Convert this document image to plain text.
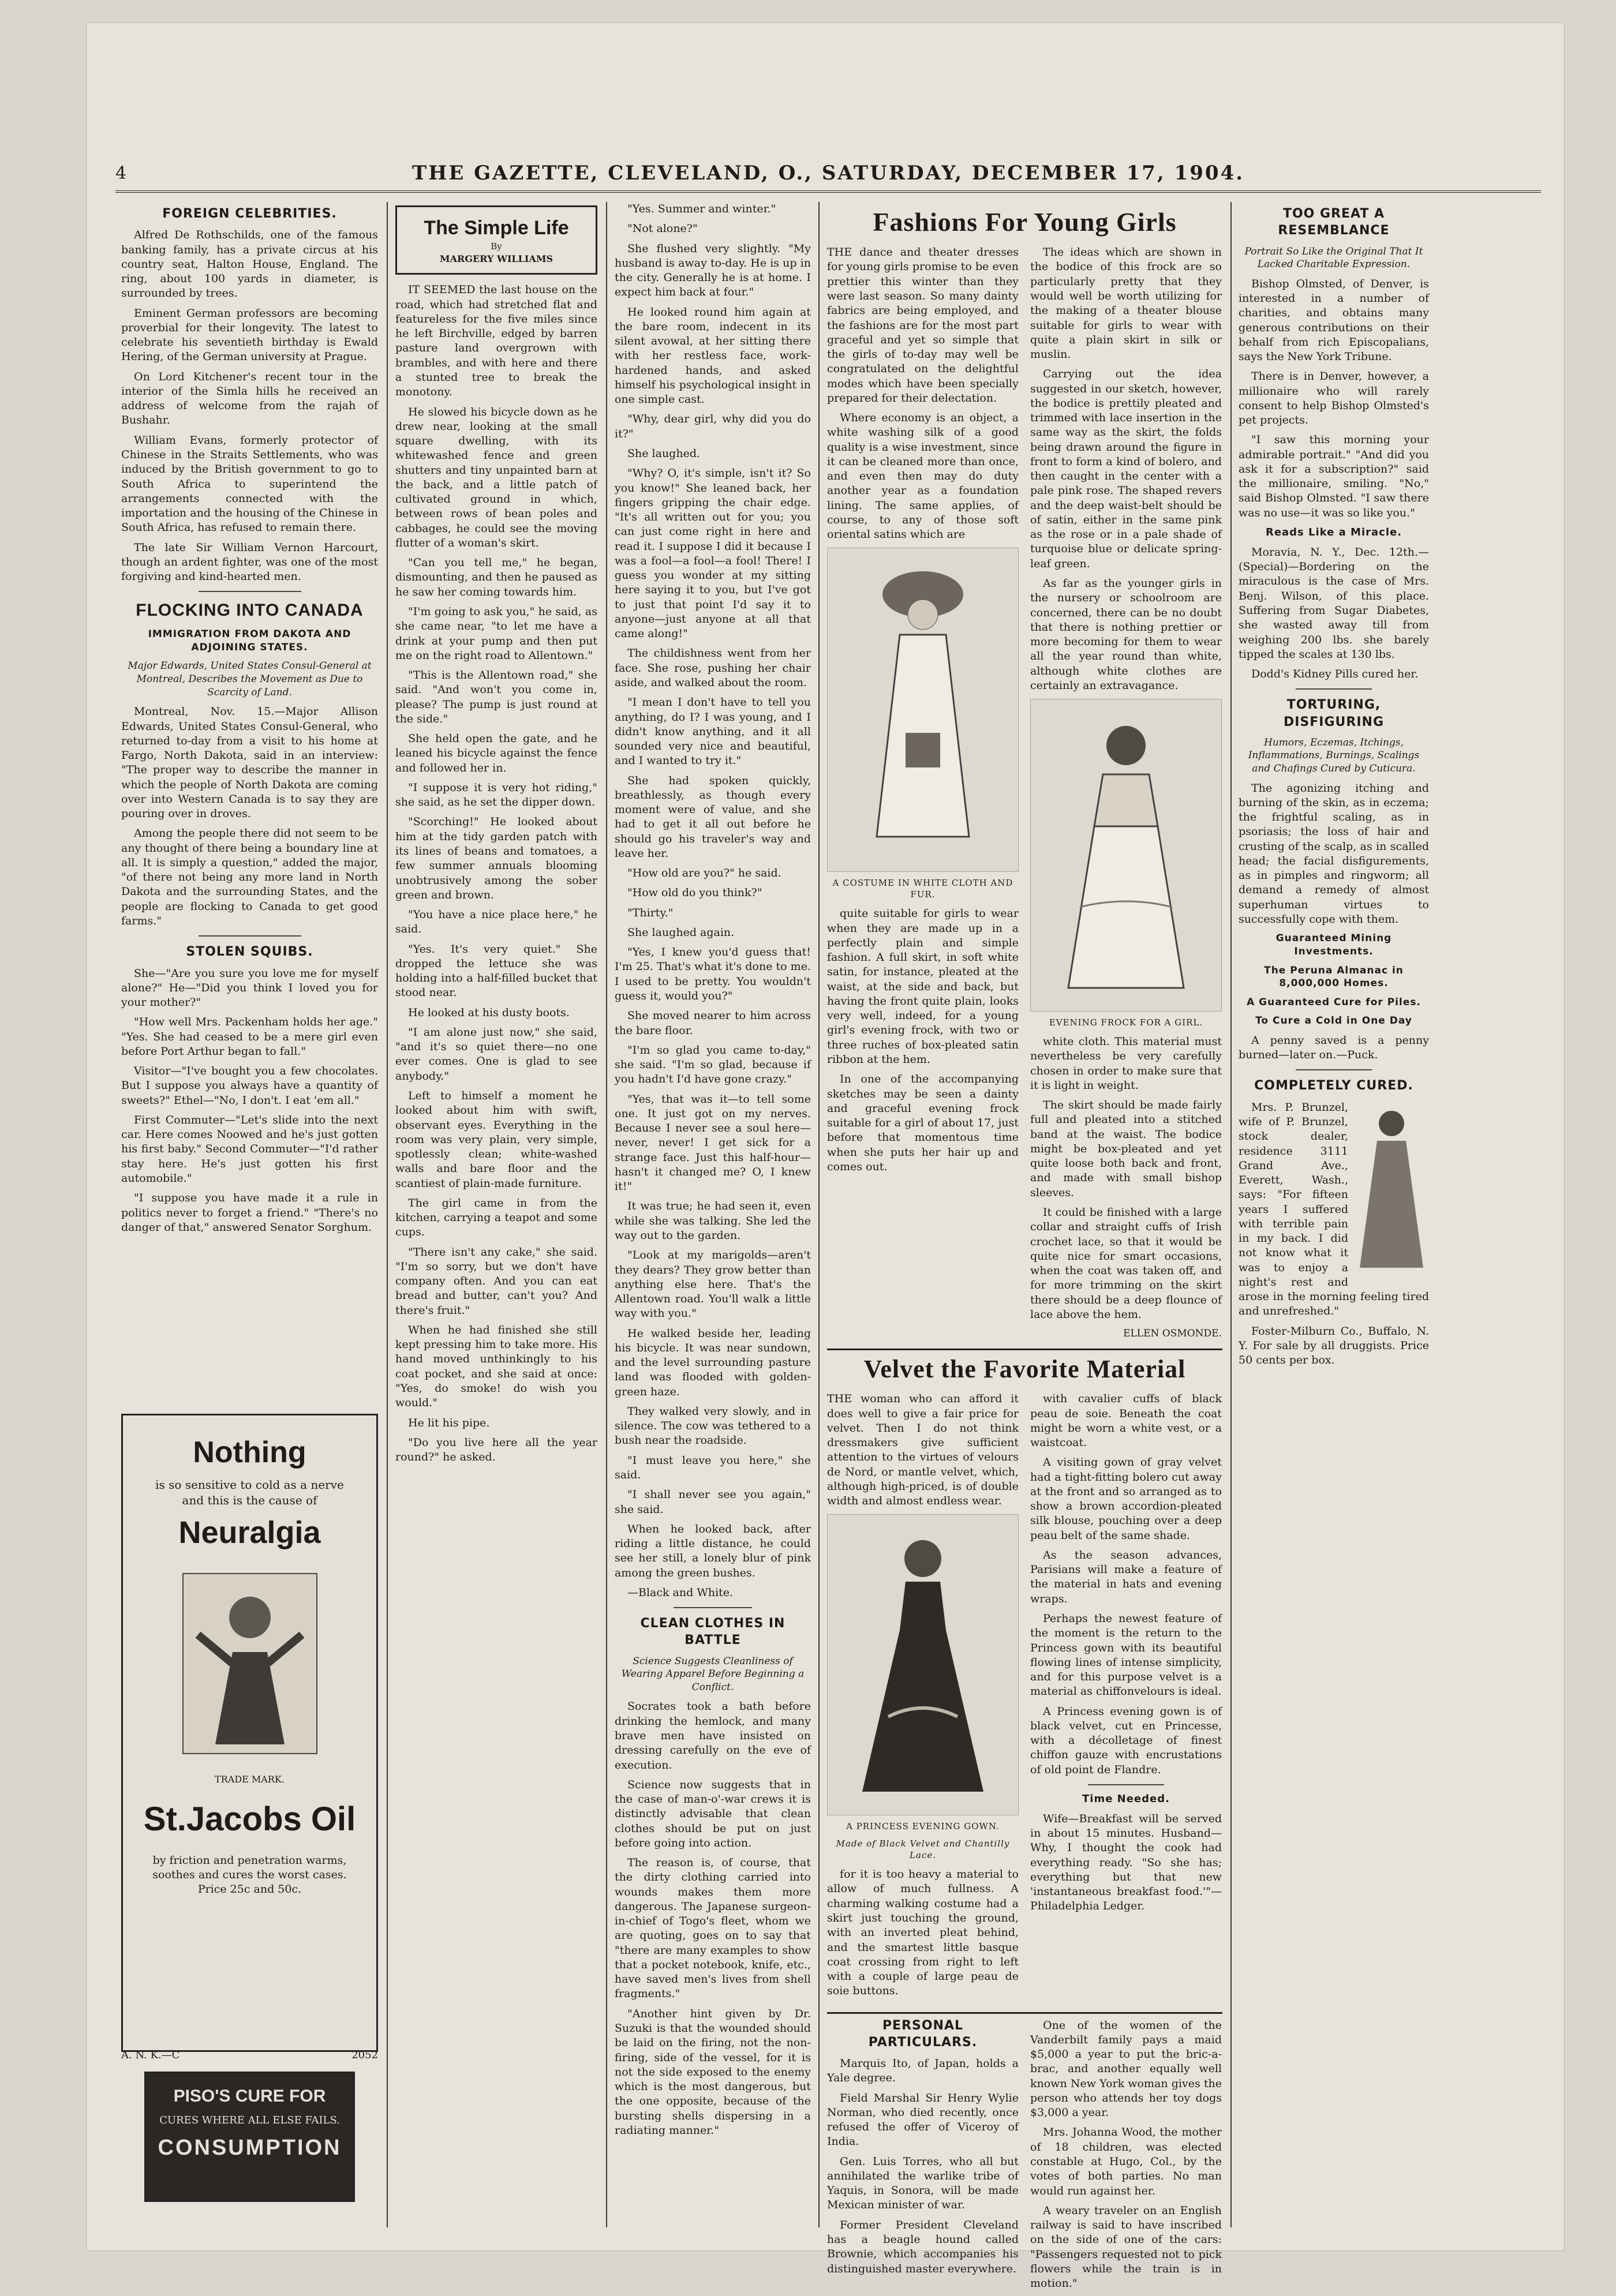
4	THE GAZETTE, CLEVELAND, O., SATURDAY, DECEMBER 17, 1904.
FOREIGN CELEBRITIES.

Alfred De Rothschilds, one of the famous banking family, has a private circus at his country seat, Halton House, England. The ring, about 100 yards in diameter, is surrounded by trees.

Eminent German professors are becoming proverbial for their longevity. The latest to celebrate his seventieth birthday is Ewald Hering, of the German university at Prague.

On Lord Kitchener's recent tour in the interior of the Simla hills he received an address of welcome from the rajah of Bushahr.

William Evans, formerly protector of Chinese in the Straits Settlements, who was induced by the British government to go to South Africa to superintend the arrangements connected with the importation and the housing of the Chinese in South Africa, has refused to remain there.

The late Sir William Vernon Harcourt, though an ardent fighter, was one of the most forgiving and kind-hearted men.

FLOCKING INTO CANADA
IMMIGRATION FROM DAKOTA AND ADJOINING STATES.
Major Edwards, United States Consul-General at Montreal, Describes the Movement as Due to Scarcity of Land.

Montreal, Nov. 15.—Major Allison Edwards, United States Consul-General, who returned to-day from a visit to his home at Fargo, North Dakota, said in an interview: "The proper way to describe the manner in which the people of North Dakota are coming over into Western Canada is to say they are pouring over in droves.

Among the people there did not seem to be any thought of there being a boundary line at all. It is simply a question," added the major, "of there not being any more land in North Dakota and the surrounding States, and the people are flocking to Canada to get good farms."

STOLEN SQUIBS.

She—"Are you sure you love me for myself alone?" He—"Did you think I loved you for your mother?"

"How well Mrs. Packenham holds her age." "Yes. She had ceased to be a mere girl even before Port Arthur began to fall."

Visitor—"I've bought you a few chocolates. But I suppose you always have a quantity of sweets?" Ethel—"No, I don't. I eat 'em all."

First Commuter—"Let's slide into the next car. Here comes Noowed and he's just gotten his first baby." Second Commuter—"I'd rather stay here. He's just gotten his first automobile."

"I suppose you have made it a rule in politics never to forget a friend." "There's no danger of that," answered Senator Sorghum.

Nothing
is so sensitive to cold as a nerve and this is the cause of
Neuralgia
TRADE MARK.
St.Jacobs Oil
by friction and penetration warms, soothes and cures the worst cases. Price 25c and 50c.
A. N. K.—C	2052
PISO'S CURE FOR
CURES WHERE ALL ELSE FAILS.
CONSUMPTION
The Simple Life
By
MARGERY WILLIAMS

IT SEEMED the last house on the road, which had stretched flat and featureless for the five miles since he left Birchville, edged by barren pasture land overgrown with brambles, and with here and there a stunted tree to break the monotony.

He slowed his bicycle down as he drew near, looking at the small square dwelling, with its whitewashed fence and green shutters and tiny unpainted barn at the back, and a little patch of cultivated ground in which, between rows of bean poles and cabbages, he could see the moving flutter of a woman's skirt.

"Can you tell me," he began, dismounting, and then he paused as he saw her coming towards him.

"I'm going to ask you," he said, as she came near, "to let me have a drink at your pump and then put me on the right road to Allentown."

"This is the Allentown road," she said. "And won't you come in, please? The pump is just round at the side."

She held open the gate, and he leaned his bicycle against the fence and followed her in.

"I suppose it is very hot riding," she said, as he set the dipper down.

"Scorching!" He looked about him at the tidy garden patch with its lines of beans and tomatoes, a few summer annuals blooming unobtrusively among the sober green and brown.

"You have a nice place here," he said.

"Yes. It's very quiet." She dropped the lettuce she was holding into a half-filled bucket that stood near.

He looked at his dusty boots.

"I am alone just now," she said, "and it's so quiet there—no one ever comes. One is glad to see anybody."

Left to himself a moment he looked about him with swift, observant eyes. Everything in the room was very plain, very simple, spotlessly clean; white-washed walls and bare floor and the scantiest of plain-made furniture.

The girl came in from the kitchen, carrying a teapot and some cups.

"There isn't any cake," she said. "I'm so sorry, but we don't have company often. And you can eat bread and butter, can't you? And there's fruit."

When he had finished she still kept pressing him to take more. His hand moved unthinkingly to his coat pocket, and she said at once: "Yes, do smoke! do wish you would."

He lit his pipe.

"Do you live here all the year round?" he asked.

"Yes. Summer and winter."

"Not alone?"

She flushed very slightly. "My husband is away to-day. He is up in the city. Generally he is at home. I expect him back at four."

He looked round him again at the bare room, indecent in its silent avowal, at her sitting there with her restless face, work-hardened hands, and asked himself his psychological insight in one simple cast.

"Why, dear girl, why did you do it?"

She laughed.

"Why? O, it's simple, isn't it? So you know!" She leaned back, her fingers gripping the chair edge. "It's all written out for you; you can just come right in here and read it. I suppose I did it because I was a fool—a fool—a fool! There! I guess you wonder at my sitting here saying it to you, but I've got to just that point I'd say it to anyone—just anyone at all that came along!"

The childishness went from her face. She rose, pushing her chair aside, and walked about the room.

"I mean I don't have to tell you anything, do I? I was young, and I didn't know anything, and it all sounded very nice and beautiful, and I wanted to try it."

She had spoken quickly, breathlessly, as though every moment were of value, and she had to get it all out before he should go his traveler's way and leave her.

"How old are you?" he said.

"How old do you think?"

"Thirty."

She laughed again.

"Yes, I knew you'd guess that! I'm 25. That's what it's done to me. I used to be pretty. You wouldn't guess it, would you?"

She moved nearer to him across the bare floor.

"I'm so glad you came to-day," she said. "I'm so glad, because if you hadn't I'd have gone crazy."

"Yes, that was it—to tell some one. It just got on my nerves. Because I never see a soul here—never, never! I get sick for a strange face. Just this half-hour—hasn't it changed me? O, I knew it!"

It was true; he had seen it, even while she was talking. She led the way out to the garden.

"Look at my marigolds—aren't they dears? They grow better than anything else here. That's the Allentown road. You'll walk a little way with you."

He walked beside her, leading his bicycle. It was near sundown, and the level surrounding pasture land was flooded with golden-green haze.

They walked very slowly, and in silence. The cow was tethered to a bush near the roadside.

"I must leave you here," she said.

"I shall never see you again," she said.

When he looked back, after riding a little distance, he could see her still, a lonely blur of pink among the green bushes.

—Black and White.

CLEAN CLOTHES IN BATTLE
Science Suggests Cleanliness of Wearing Apparel Before Beginning a Conflict.

Socrates took a bath before drinking the hemlock, and many brave men have insisted on dressing carefully on the eve of execution.

Science now suggests that in the case of man-o'-war crews it is distinctly advisable that clean clothes should be put on just before going into action.

The reason is, of course, that the dirty clothing carried into wounds makes them more dangerous. The Japanese surgeon-in-chief of Togo's fleet, whom we are quoting, goes on to say that "there are many examples to show that a pocket notebook, knife, etc., have saved men's lives from shell fragments."

"Another hint given by Dr. Suzuki is that the wounded should be laid on the firing, not the non-firing, side of the vessel, for it is not the side exposed to the enemy which is the most dangerous, but the one opposite, because of the bursting shells dispersing in a radiating manner."

Fashions For Young Girls

THE dance and theater dresses for young girls promise to be even prettier this winter than they were last season. So many dainty fabrics are being employed, and the fashions are for the most part graceful and yet so simple that the girls of to-day may well be congratulated on the delightful modes which have been specially prepared for their delectation.

Where economy is an object, a white washing silk of a good quality is a wise investment, since it can be cleaned more than once, and even then may do duty another year as a foundation lining. The same applies, of course, to any of those soft oriental satins which are

A COSTUME IN WHITE CLOTH AND FUR.

quite suitable for girls to wear when they are made up in a perfectly plain and simple fashion. A full skirt, in soft white satin, for instance, pleated at the waist, at the side and back, but having the front quite plain, looks very well, indeed, for a young girl's evening frock, with two or three ruches of box-pleated satin ribbon at the hem.

In one of the accompanying sketches may be seen a dainty and graceful evening frock suitable for a girl of about 17, just before that momentous time when she puts her hair up and comes out.

The ideas which are shown in the bodice of this frock are so particularly pretty that they would well be worth utilizing for the making of a theater blouse suitable for girls to wear with quite a plain skirt in silk or muslin.

Carrying out the idea suggested in our sketch, however, the bodice is prettily pleated and trimmed with lace insertion in the same way as the skirt, the folds being drawn around the figure in front to form a kind of bolero, and then caught in the center with a pale pink rose. The shaped revers and the deep waist-belt should be of satin, either in the same pink as the rose or in a pale shade of turquoise blue or delicate spring-leaf green.

As far as the younger girls in the nursery or schoolroom are concerned, there can be no doubt that there is nothing prettier or more becoming for them to wear all the year round than white, although white clothes are certainly an extravagance.

EVENING FROCK FOR A GIRL.

white cloth. This material must nevertheless be very carefully chosen in order to make sure that it is light in weight.

The skirt should be made fairly full and pleated into a stitched band at the waist. The bodice might be box-pleated and yet quite loose both back and front, and made with small bishop sleeves.

It could be finished with a large collar and straight cuffs of Irish crochet lace, so that it would be quite nice for smart occasions, when the coat was taken off, and for more trimming on the skirt there should be a deep flounce of lace above the hem.

ELLEN OSMONDE.
Velvet the Favorite Material

THE woman who can afford it does well to give a fair price for velvet. Then I do not think dressmakers give sufficient attention to the virtues of velours de Nord, or mantle velvet, which, although high-priced, is of double width and almost endless wear.

A PRINCESS EVENING GOWN.
Made of Black Velvet and Chantilly Lace.

for it is too heavy a material to allow of much fullness. A charming walking costume had a skirt just touching the ground, with an inverted pleat behind, and the smartest little basque coat crossing from right to left with a couple of large peau de soie buttons.

with cavalier cuffs of black peau de soie. Beneath the coat might be worn a white vest, or a waistcoat.

A visiting gown of gray velvet had a tight-fitting bolero cut away at the front and so arranged as to show a brown accordion-pleated silk blouse, pouching over a deep peau belt of the same shade.

As the season advances, Parisians will make a feature of the material in hats and evening wraps.

Perhaps the newest feature of the moment is the return to the Princess gown with its beautiful flowing lines of intense simplicity, and for this purpose velvet is a material as chiffonvelours is ideal.

A Princess evening gown is of black velvet, cut en Princesse, with a décolletage of finest chiffon gauze with encrustations of old point de Flandre.

Time Needed.

Wife—Breakfast will be served in about 15 minutes. Husband—Why, I thought the cook had everything ready. "So she has; everything but that new 'instantaneous breakfast food.'"—Philadelphia Ledger.

PERSONAL PARTICULARS.

Marquis Ito, of Japan, holds a Yale degree.

Field Marshal Sir Henry Wylie Norman, who died recently, once refused the offer of Viceroy of India.

Gen. Luis Torres, who all but annihilated the warlike tribe of Yaquis, in Sonora, will be made Mexican minister of war.

Former President Cleveland has a beagle hound called Brownie, which accompanies his distinguished master everywhere.

One of the women of the Vanderbilt family pays a maid $5,000 a year to put the bric-a-brac, and another equally well known New York woman gives the person who attends her toy dogs $3,000 a year.

Mrs. Johanna Wood, the mother of 18 children, was elected constable at Hugo, Col., by the votes of both parties. No man would run against her.

A weary traveler on an English railway is said to have inscribed on the side of one of the cars: "Passengers requested not to pick flowers while the train is in motion."

TOO GREAT A RESEMBLANCE
Portrait So Like the Original That It Lacked Charitable Expression.

Bishop Olmsted, of Denver, is interested in a number of charities, and obtains many generous contributions on their behalf from rich Episcopalians, says the New York Tribune.

There is in Denver, however, a millionaire who will rarely consent to help Bishop Olmsted's pet projects.

"I saw this morning your admirable portrait." "And did you ask it for a subscription?" said the millionaire, smiling. "No," said Bishop Olmsted. "I saw there was no use—it was so like you."

Reads Like a Miracle.

Moravia, N. Y., Dec. 12th.—(Special)—Bordering on the miraculous is the case of Mrs. Benj. Wilson, of this place. Suffering from Sugar Diabetes, she wasted away till from weighing 200 lbs. she barely tipped the scales at 130 lbs.

Dodd's Kidney Pills cured her.

TORTURING, DISFIGURING
Humors, Eczemas, Itchings, Inflammations, Burnings, Scalings and Chafings Cured by Cuticura.

The agonizing itching and burning of the skin, as in eczema; the frightful scaling, as in psoriasis; the loss of hair and crusting of the scalp, as in scalled head; the facial disfigurements, as in pimples and ringworm; all demand a remedy of almost superhuman virtues to successfully cope with them.

Guaranteed Mining Investments.
The Peruna Almanac in 8,000,000 Homes.
A Guaranteed Cure for Piles.
To Cure a Cold in One Day

A penny saved is a penny burned—later on.—Puck.

COMPLETELY CURED.

Mrs. P. Brunzel, wife of P. Brunzel, stock dealer, residence 3111 Grand Ave., Everett, Wash., says: "For fifteen years I suffered with terrible pain in my back. I did not know what it was to enjoy a night's rest and arose in the morning feeling tired and unrefreshed."

Foster-Milburn Co., Buffalo, N. Y. For sale by all druggists. Price 50 cents per box.
